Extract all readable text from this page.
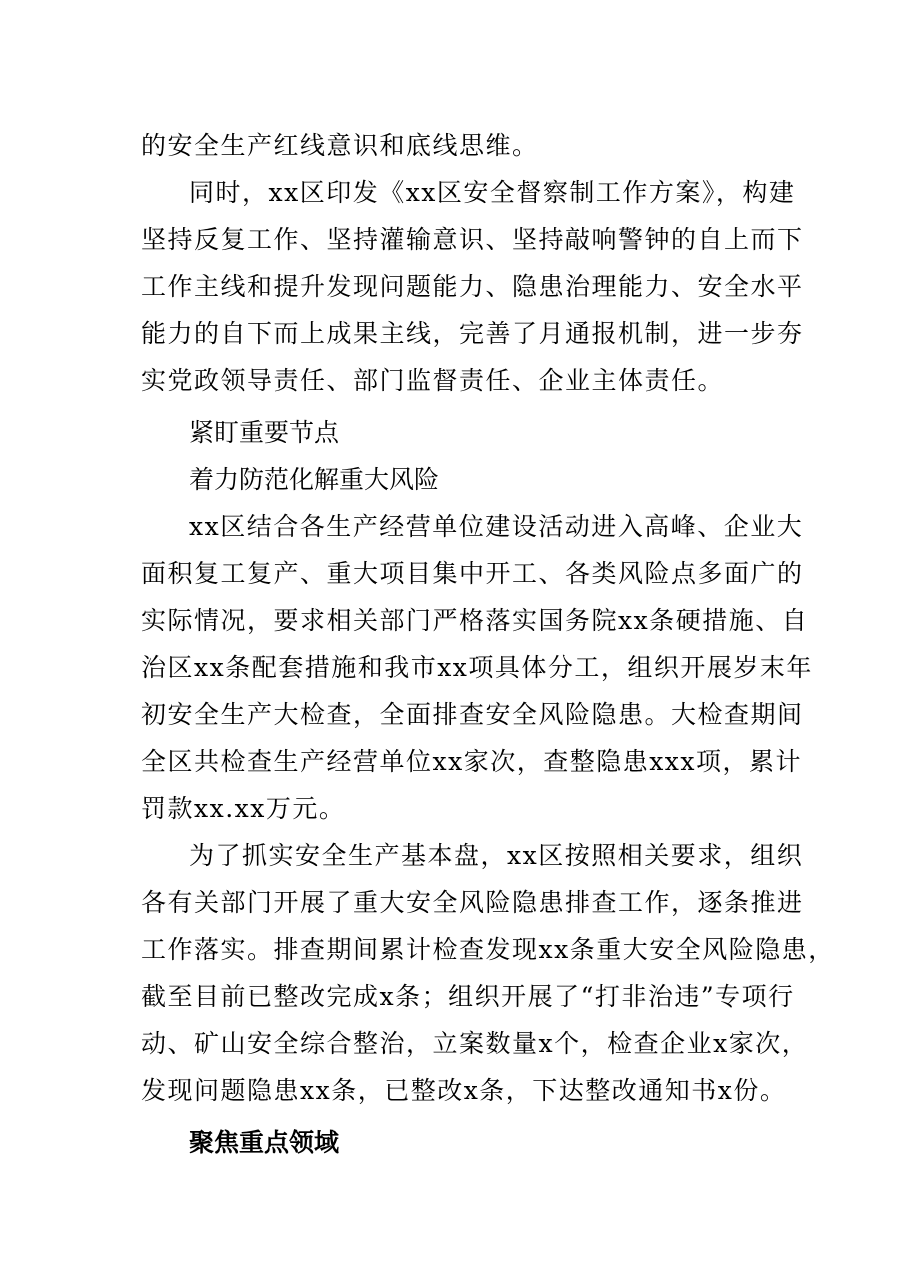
的安全生产红线意识和底线思维。
同时，xx区印发《xx区安全督察制工作方案》，构建
坚持反复工作、坚持灌输意识、坚持敲响警钟的自上而下
工作主线和提升发现问题能力、隐患治理能力、安全水平
能力的自下而上成果主线，完善了月通报机制，进一步夯
实党政领导责任、部门监督责任、企业主体责任。
紧盯重要节点
着力防范化解重大风险
xx区结合各生产经营单位建设活动进入高峰、企业大
面积复工复产、重大项目集中开工、各类风险点多面广的
实际情况，要求相关部门严格落实国务院xx条硬措施、自
治区xx条配套措施和我市xx项具体分工，组织开展岁末年
初安全生产大检查，全面排查安全风险隐患。大检查期间
全区共检查生产经营单位xx家次，查整隐患xxx项，累计
罚款xx.xx万元。
为了抓实安全生产基本盘，xx区按照相关要求，组织
各有关部门开展了重大安全风险隐患排查工作，逐条推进
工作落实。排查期间累计检查发现xx条重大安全风险隐患，
截至目前已整改完成x条；组织开展了“打非治违”专项行
动、矿山安全综合整治，立案数量x个，检查企业x家次，
发现问题隐患xx条，已整改x条，下达整改通知书x份。
聚焦重点领域
